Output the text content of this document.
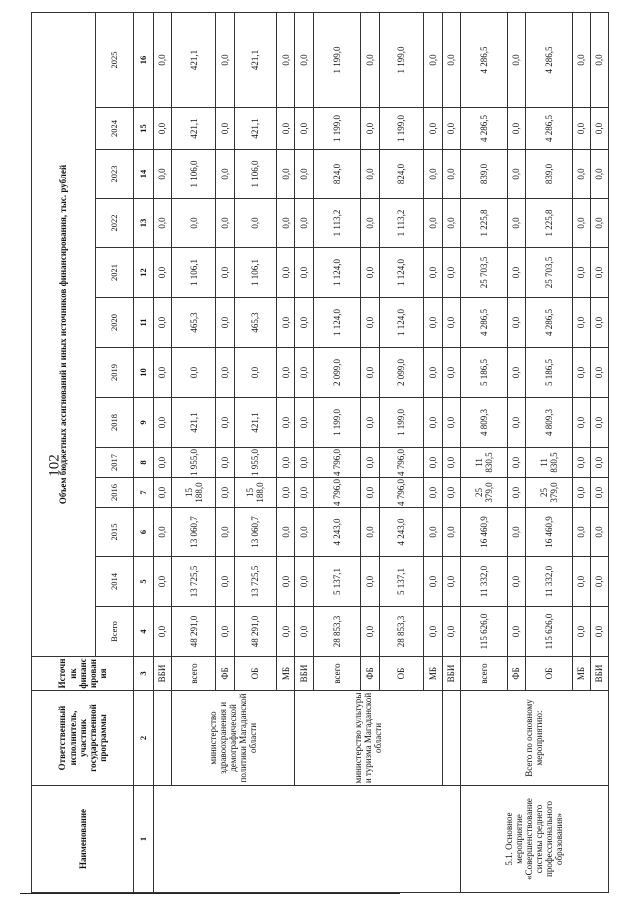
102
Наименование	Ответственный исполнитель, участник государственной программы	Источник финансирования	Объем бюджетных ассигнований и иных источников финансирования, тыс. рублей												
			Всего	2014	2015	2016	2017	2018	2019	2020	2021	2022	2023	2024	2025
1	2	3	4	5	6	7	8	9	10	11	12	13	14	15	16
		ВБИ	0,0	0,0	0,0	0,0	0,0	0,0	0,0	0,0	0,0	0,0	0,0	0,0	0,0
	министерство здравоохранения и демографической политики Магаданской области	всего	48 291,0	13 725,5	13 060,7	15 188,0	1 955,0	421,1	0,0	465,3	1 106,1	0,0	1 106,0	421,1	421,1
		ФБ	0,0	0,0	0,0	0,0	0,0	0,0	0,0	0,0	0,0	0,0	0,0	0,0	0,0
		ОБ	48 291,0	13 725,5	13 060,7	15 188,0	1 955,0	421,1	0,0	465,3	1 106,1	0,0	1 106,0	421,1	421,1
		МБ	0,0	0,0	0,0	0,0	0,0	0,0	0,0	0,0	0,0	0,0	0,0	0,0	0,0
	министерство культуры и туризма Магаданской области	ВБИ	0,0	0,0	0,0	0,0	0,0	0,0	0,0	0,0	0,0	0,0	0,0	0,0	0,0
		всего	28 853,3	5 137,1	4 243,0	4 796,0	4 796,0	1 199,0	2 099,0	1 124,0	1 124,0	1 113,2	824,0	1 199,0	1 199,0
		ФБ	0,0	0,0	0,0	0,0	0,0	0,0	0,0	0,0	0,0	0,0	0,0	0,0	0,0
		ОБ	28 853,3	5 137,1	4 243,0	4 796,0	4 796,0	1 199,0	2 099,0	1 124,0	1 124,0	1 113,2	824,0	1 199,0	1 199,0
		МБ	0,0	0,0	0,0	0,0	0,0	0,0	0,0	0,0	0,0	0,0	0,0	0,0	0,0
		ВБИ	0,0	0,0	0,0	0,0	0,0	0,0	0,0	0,0	0,0	0,0	0,0	0,0	0,0
5.1. Основное мероприятие «Совершенствование системы среднего профессионального образования»	Всего по основному мероприятию:	всего	115 626,0	11 332,0	16 460,9	25 379,0	11 830,5	4 809,3	5 186,5	4 286,5	25 703,5	1 225,8	839,0	4 286,5	4 286,5
		ФБ	0,0	0,0	0,0	0,0	0,0	0,0	0,0	0,0	0,0	0,0	0,0	0,0	0,0
		ОБ	115 626,0	11 332,0	16 460,9	25 379,0	11 830,5	4 809,3	5 186,5	4 286,5	25 703,5	1 225,8	839,0	4 286,5	4 286,5
		МБ	0,0	0,0	0,0	0,0	0,0	0,0	0,0	0,0	0,0	0,0	0,0	0,0	0,0
		ВБИ	0,0	0,0	0,0	0,0	0,0	0,0	0,0	0,0	0,0	0,0	0,0	0,0	0,0
